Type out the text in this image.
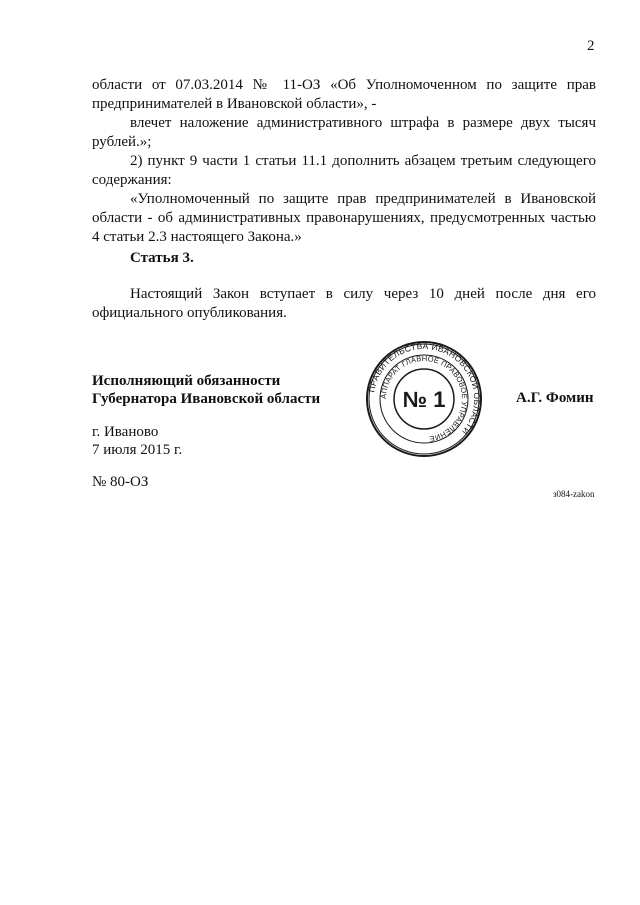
2

области от 07.03.2014 № 11-ОЗ «Об Уполномоченном по защите прав

предпринимателей в Ивановской области», -

влечет наложение административного штрафа в размере двух тысяч

рублей.»;

2) пункт 9 части 1 статьи 11.1 дополнить абзацем третьим следующего

содержания:

«Уполномоченный по защите прав предпринимателей в Ивановской

области - об административных правонарушениях, предусмотренных частью

4 статьи 2.3 настоящего Закона.»

Статья 3.

Настоящий Закон вступает в силу через 10 дней после дня его

официального опубликования.

Исполняющий обязанности
Губернатора Ивановской области	А.Г. Фомин
ПРАВИТЕЛЬСТВА ИВАНОВСКОЙ ОБЛАСТИ
АППАРАТ ГЛАВНОЕ ПРАВОВОЕ УПРАВЛЕНИЕ
№ 1
г. Иваново
7 июля 2015 г.
№ 80-ОЗ
з084-zakon
